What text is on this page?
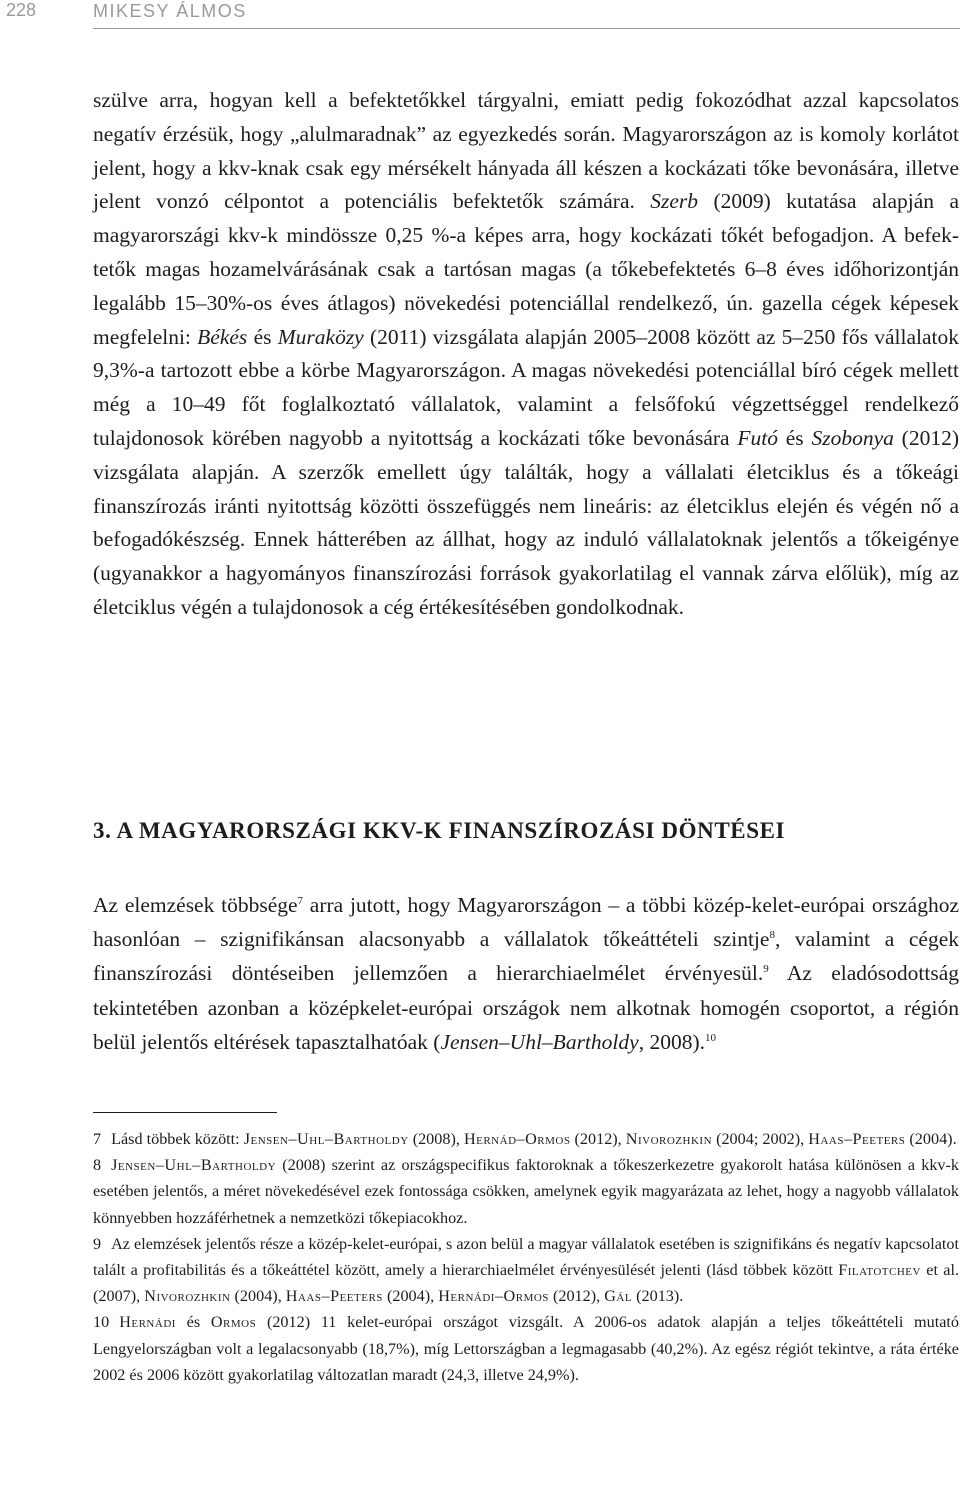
228	MIKESY ÁLMOS

szülve arra, hogyan kell a befektetőkkel tárgyalni, emiatt pedig fokozódhat azzal kapcsolatos negatív érzésük, hogy „alulmaradnak” az egyezkedés során. Magyarországon az is komoly korlátot jelent, hogy a kkv-knak csak egy mérsékelt hányada áll készen a kockázati tőke bevonására, illetve jelent vonzó célpontot a potenciális befektetők számára. Szerb (2009) kutatása alapján a magyarországi kkv-k mindössze 0,25 %-a képes arra, hogy kockázati tőkét befogadjon. A befektetők magas hozamelvárásának csak a tartósan magas (a tőkebefektetés 6–8 éves időhorizontján legalább 15–30%-os éves átlagos) növekedési potenciállal rendelkező, ún. gazella cégek képesek megfelelni: Békés és Muraközy (2011) vizsgálata alapján 2005–2008 között az 5–250 fős vállalatok 9,3%-a tartozott ebbe a körbe Magyarországon. A magas növekedési potenciállal bíró cégek mellett még a 10–49 főt foglalkoztató vállalatok, valamint a felsőfokú végzettséggel rendelkező tulajdonosok körében nagyobb a nyitottság a kockázati tőke bevonására Futó és Szobonya (2012) vizsgálata alapján. A szerzők emellett úgy találták, hogy a vállalati életciklus és a tőkeági finanszírozás iránti nyitottság közötti összefüggés nem lineáris: az életciklus elején és végén nő a befogadókészség. Ennek hátterében az állhat, hogy az induló vállalatoknak jelentős a tőkeigénye (ugyanakkor a hagyományos finanszírozási források gyakorlatilag el vannak zárva előlük), míg az életciklus végén a tulajdonosok a cég értékesítésében gondolkodnak.

3. A MAGYARORSZÁGI KKV-K FINANSZÍROZÁSI DÖNTÉSEI

Az elemzések többsége$^7$ arra jutott, hogy Magyarországon – a többi közép-kelet-európai országhoz hasonlóan – szignifikánsan alacsonyabb a vállalatok tőkeáttételi szintje$^8$, valamint a cégek finanszírozási döntéseiben jellemzően a hierarchiaelmélet érvényesül.$^9$ Az eladósodottság tekintetében azonban a középkelet-európai országok nem alkotnak homogén csoportot, a régión belül jelentős eltérések tapasztalhatóak (Jensen–Uhl–Bartholdy, 2008).$^{10}$

7 Lásd többek között: Jensen–Uhl–Bartholdy (2008), Hernád–Ormos (2012), Nivorozhkin (2004; 2002), Haas–Peeters (2004).

8 Jensen–Uhl–Bartholdy (2008) szerint az országspecifikus faktoroknak a tőkeszerkezetre gyakorolt hatása különösen a kkv-k esetében jelentős, a méret növekedésével ezek fontossága csökken, amelynek egyik magyarázata az lehet, hogy a nagyobb vállalatok könnyebben hozzáférhetnek a nemzetközi tőkepiacokhoz.

9 Az elemzések jelentős része a közép-kelet-európai, s azon belül a magyar vállalatok esetében is szignifikáns és negatív kapcsolatot talált a profitabilitás és a tőkeáttétel között, amely a hierarchiaelmélet érvényesülését jelenti (lásd többek között Filatotchev et al. (2007), Nivorozhkin (2004), Haas–Peeters (2004), Hernádi–Ormos (2012), Gál (2013).

10 Hernádi és Ormos (2012) 11 kelet-európai országot vizsgált. A 2006-os adatok alapján a teljes tőkeáttételi mutató Lengyelországban volt a legalacsonyabb (18,7%), míg Lettországban a legmagasabb (40,2%). Az egész régiót tekintve, a ráta értéke 2002 és 2006 között gyakorlatilag változatlan maradt (24,3, illetve 24,9%).
